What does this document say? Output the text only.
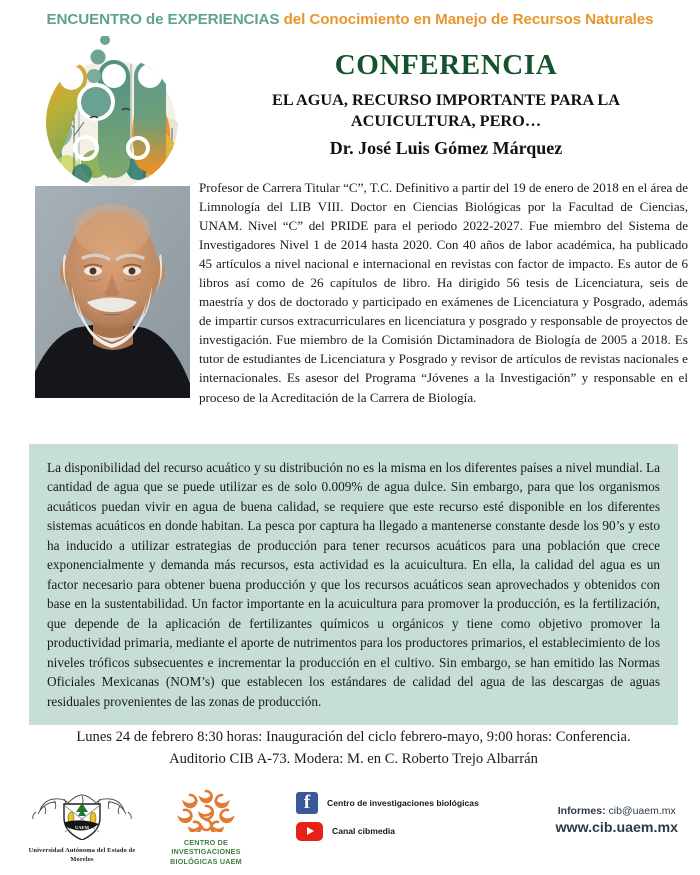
ENCUENTRO de EXPERIENCIAS del Conocimiento en Manejo de Recursos Naturales
CONFERENCIA
EL AGUA, RECURSO IMPORTANTE PARA LA ACUICULTURA, PERO…
Dr. José Luis Gómez Márquez
Profesor de Carrera Titular “C”, T.C. Definitivo a partir del 19 de enero de 2018 en el área de Limnología del LIB VIII. Doctor en Ciencias Biológicas por la Facultad de Ciencias, UNAM. Nivel “C” del PRIDE para el periodo 2022-2027. Fue miembro del Sistema de Investigadores Nivel 1 de 2014 hasta 2020. Con 40 años de labor académica, ha publicado 45 artículos a nivel nacional e internacional en revistas con factor de impacto. Es autor de 6 libros así como de 26 capítulos de libro. Ha dirigido 56 tesis de Licenciatura, seis de maestría y dos de doctorado y participado en exámenes de Licenciatura y Posgrado, además de impartir cursos extracurriculares en licenciatura y posgrado y responsable de proyectos de investigación. Fue miembro de la Comisión Dictaminadora de Biología de 2005 a 2018. Es tutor de estudiantes de Licenciatura y Posgrado y revisor de artículos de revistas nacionales e internacionales. Es asesor del Programa “Jóvenes a la Investigación” y responsable en el proceso de la Acreditación de la Carrera de Biología.
La disponibilidad del recurso acuático y su distribución no es la misma en los diferentes países a nivel mundial. La cantidad de agua que se puede utilizar es de solo 0.009% de agua dulce. Sin embargo, para que los organismos acuáticos puedan vivir en agua de buena calidad, se requiere que este recurso esté disponible en los diferentes sistemas acuáticos en donde habitan. La pesca por captura ha llegado a mantenerse constante desde los 90’s y esto ha inducido a utilizar estrategias de producción para tener recursos acuáticos para una población que crece exponencialmente y demanda más recursos, esta actividad es la acuicultura. En ella, la calidad del agua es un factor necesario para obtener buena producción y que los recursos acuáticos sean aprovechados y obtenidos con base en la sustentabilidad. Un factor importante en la acuicultura para promover la producción, es la fertilización, que depende de la aplicación de fertilizantes químicos u orgánicos y tiene como objetivo promover la productividad primaria, mediante el aporte de nutrimentos para los productores primarios, el establecimiento de los niveles tróficos subsecuentes e incrementar la producción en el cultivo. Sin embargo, se han emitido las Normas Oficiales Mexicanas (NOM’s) que establecen los estándares de calidad del agua de las descargas de aguas residuales provenientes de las zonas de producción.
Lunes 24 de febrero 8:30 horas: Inauguración del ciclo febrero-mayo, 9:00 horas: Conferencia.
Auditorio CIB A-73. Modera: M. en C. Roberto Trejo Albarrán
UAEM
Universidad Autónoma del Estado de Morelos
CENTRO DE INVESTIGACIONES BIOLÓGICAS UAEM
f
Centro de investigaciones biológicas
Canal cibmedia
Informes: cib@uaem.mx
www.cib.uaem.mx
